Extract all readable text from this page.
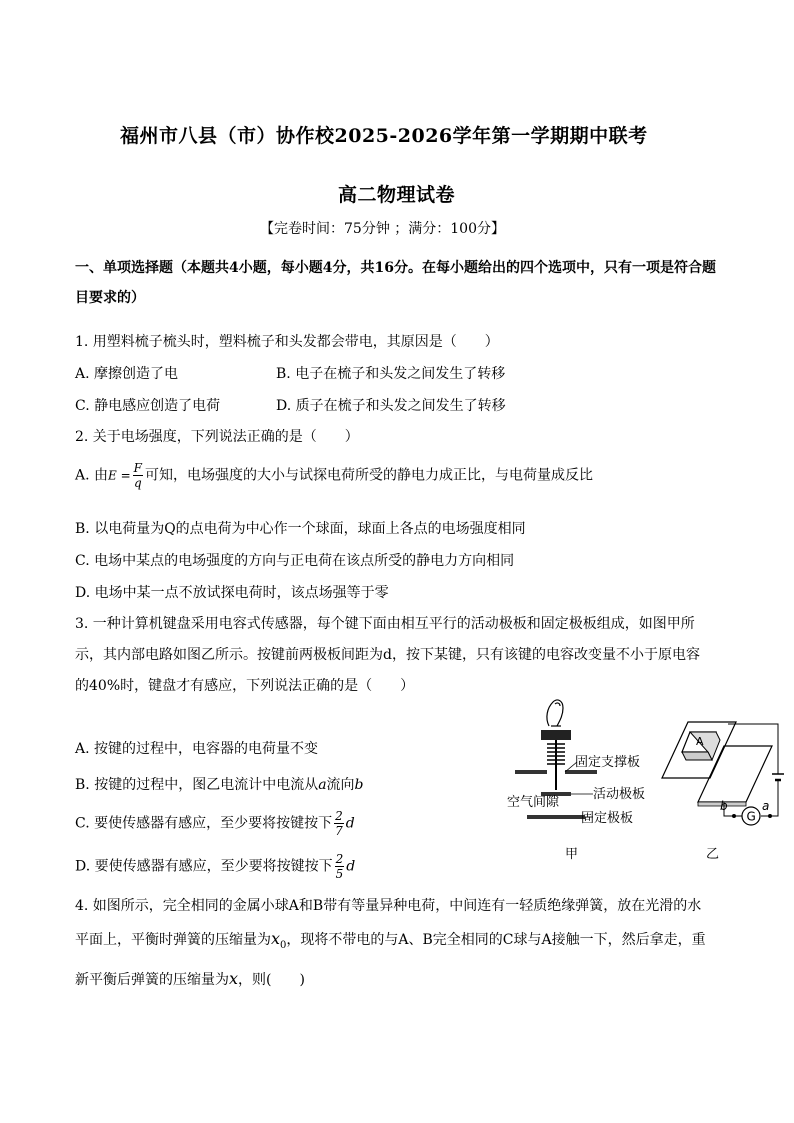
福州市八县（市）协作校2025-2026学年第一学期期中联考
高二物理试卷
【完卷时间：75分钟 ；满分：100分】
一、单项选择题（本题共4小题，每小题4分，共16分。在每小题给出的四个选项中，只有一项是符合题
目要求的）
1. 用塑料梳子梳头时，塑料梳子和头发都会带电，其原因是（　　）
A. 摩擦创造了电	B. 电子在梳子和头发之间发生了转移
C. 静电感应创造了电荷	D. 质子在梳子和头发之间发生了转移
2. 关于电场强度，下列说法正确的是（　　）
A. 由$E = \frac{F}{q}$ 可知，电场强度的大小与试探电荷所受的静电力成正比，与电荷量成反比
B. 以电荷量为Q的点电荷为中心作一个球面，球面上各点的电场强度相同
C. 电场中某点的电场强度的方向与正电荷在该点所受的静电力方向相同
D. 电场中某一点不放试探电荷时，该点场强等于零
3. 一种计算机键盘采用电容式传感器，每个键下面由相互平行的活动极板和固定极板组成，如图甲所
示，其内部电路如图乙所示。按键前两极板间距为d，按下某键，只有该键的电容改变量不小于原电容
的40%时，键盘才有感应，下列说法正确的是（　　）
A. 按键的过程中，电容器的电荷量不变
B. 按键的过程中，图乙电流计中电流从a流向b
C. 要使传感器有感应，至少要将按键按下 $\frac{2}{7}$ d
D. 要使传感器有感应，至少要将按键按下 $\frac{2}{5}$ d
固定支撑板
空气间隙
活动极板
固定极板
甲
A
G
b	a
乙
4. 如图所示，完全相同的金属小球A和B带有等量异种电荷，中间连有一轻质绝缘弹簧，放在光滑的水
平面上，平衡时弹簧的压缩量为$x_0$，现将不带电的与A、B完全相同的C球与A接触一下，然后拿走，重
新平衡后弹簧的压缩量为x，则(　　)
